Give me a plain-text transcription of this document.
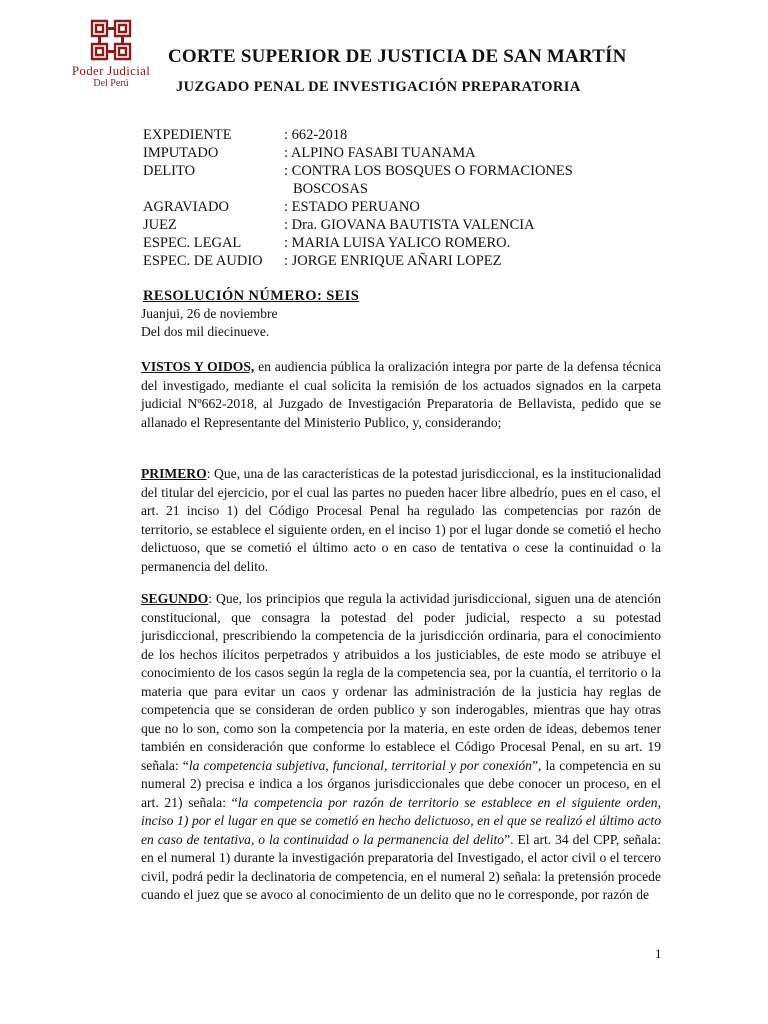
Poder Judicial
Del Perú
CORTE SUPERIOR DE JUSTICIA DE SAN MARTÍN
JUZGADO PENAL DE INVESTIGACIÓN PREPARATORIA
EXPEDIENTE	: 662-2018
IMPUTADO	: ALPINO FASABI TUANAMA
DELITO	: CONTRA LOS BOSQUES O FORMACIONES
BOSCOSAS
AGRAVIADO	: ESTADO PERUANO
JUEZ	: Dra. GIOVANA BAUTISTA VALENCIA
ESPEC. LEGAL	: MARIA LUISA YALICO ROMERO.
ESPEC. DE AUDIO	: JORGE ENRIQUE AÑARI LOPEZ
RESOLUCIÓN NÚMERO: SEIS
Juanjui, 26 de noviembre
Del dos mil diecinueve.

VISTOS Y OIDOS, en audiencia pública la oralización integra por parte de la defensa técnica del investigado, mediante el cual solicita la remisión de los actuados signados en la carpeta judicial Nº662-2018, al Juzgado de Investigación Preparatoria de Bellavista, pedido que se allanado el Representante del Ministerio Publico, y, considerando;

PRIMERO: Que, una de las características de la potestad jurisdiccional, es la institucionalidad del titular del ejercicio, por el cual las partes no pueden hacer libre albedrío, pues en el caso, el art. 21 inciso 1) del Código Procesal Penal ha regulado las competencias por razón de territorio, se establece el siguiente orden, en el inciso 1) por el lugar donde se cometió el hecho delictuoso, que se cometió el último acto o en caso de tentativa o cese la continuidad o la permanencia del delito.

SEGUNDO: Que, los principios que regula la actividad jurisdiccional, siguen una de atención constitucional, que consagra la potestad del poder judicial, respecto a su potestad jurisdiccional, prescribiendo la competencia de la jurisdicción ordinaria, para el conocimiento de los hechos ilícitos perpetrados y atribuidos a los justiciables, de este modo se atribuye el conocimiento de los casos según la regla de la competencia sea, por la cuantía, el territorio o la materia que para evitar un caos y ordenar las administración de la justicia hay reglas de competencia que se consideran de orden publico y son inderogables, mientras que hay otras que no lo son, como son la competencia por la materia, en este orden de ideas, debemos tener también en consideración que conforme lo establece el Código Procesal Penal, en su art. 19 señala: “la competencia subjetiva, funcional, territorial y por conexión”, la competencia en su numeral 2) precisa e indica a los órganos jurisdiccionales que debe conocer un proceso, en el art. 21) señala: “la competencia por razón de territorio se establece en el siguiente orden, inciso 1) por el lugar en que se cometió en hecho delictuoso, en el que se realizó el último acto en caso de tentativa, o la continuidad o la permanencia del delito”. El art. 34 del CPP, señala: en el numeral 1) durante la investigación preparatoria del Investigado, el actor civil o el tercero civil, podrá pedir la declinatoria de competencia, en el numeral 2) señala: la pretensión procede cuando el juez que se avoco al conocimiento de un delito que no le corresponde, por razón de

1
